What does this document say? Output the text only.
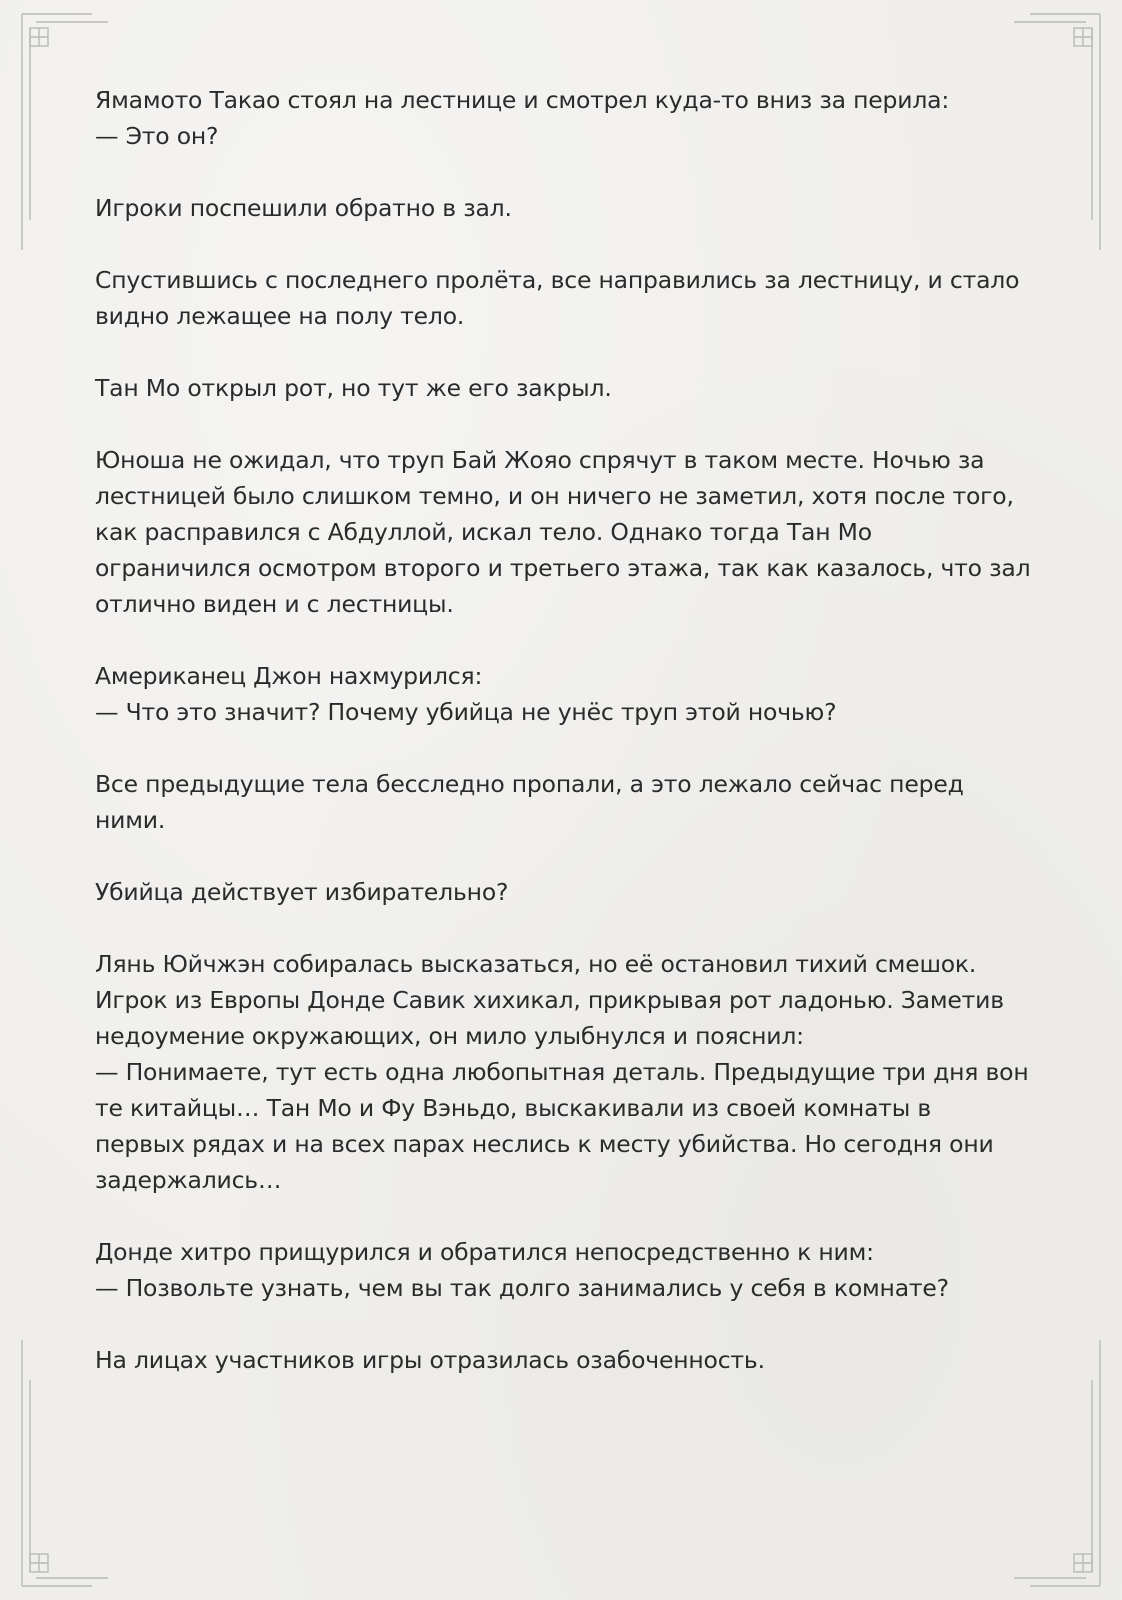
Ямамото Такао стоял на лестнице и смотрел куда-то вниз за перила:
— Это он?

Игроки поспешили обратно в зал.

Спустившись с последнего пролёта, все направились за лестницу, и стало
видно лежащее на полу тело.

Тан Мо открыл рот, но тут же его закрыл.

Юноша не ожидал, что труп Бай Жояо спрячут в таком месте. Ночью за
лестницей было слишком темно, и он ничего не заметил, хотя после того,
как расправился с Абдуллой, искал тело. Однако тогда Тан Мо
ограничился осмотром второго и третьего этажа, так как казалось, что зал
отлично виден и с лестницы.

Американец Джон нахмурился:
— Что это значит? Почему убийца не унёс труп этой ночью?

Все предыдущие тела бесследно пропали, а это лежало сейчас перед
ними.

Убийца действует избирательно?

Лянь Юйчжэн собиралась высказаться, но её остановил тихий смешок.
Игрок из Европы Донде Савик хихикал, прикрывая рот ладонью. Заметив
недоумение окружающих, он мило улыбнулся и пояснил:
— Понимаете, тут есть одна любопытная деталь. Предыдущие три дня вон
те китайцы… Тан Мо и Фу Вэньдо, выскакивали из своей комнаты в
первых рядах и на всех парах неслись к месту убийства. Но сегодня они
задержались…

Донде хитро прищурился и обратился непосредственно к ним:
— Позвольте узнать, чем вы так долго занимались у себя в комнате?

На лицах участников игры отразилась озабоченность.
